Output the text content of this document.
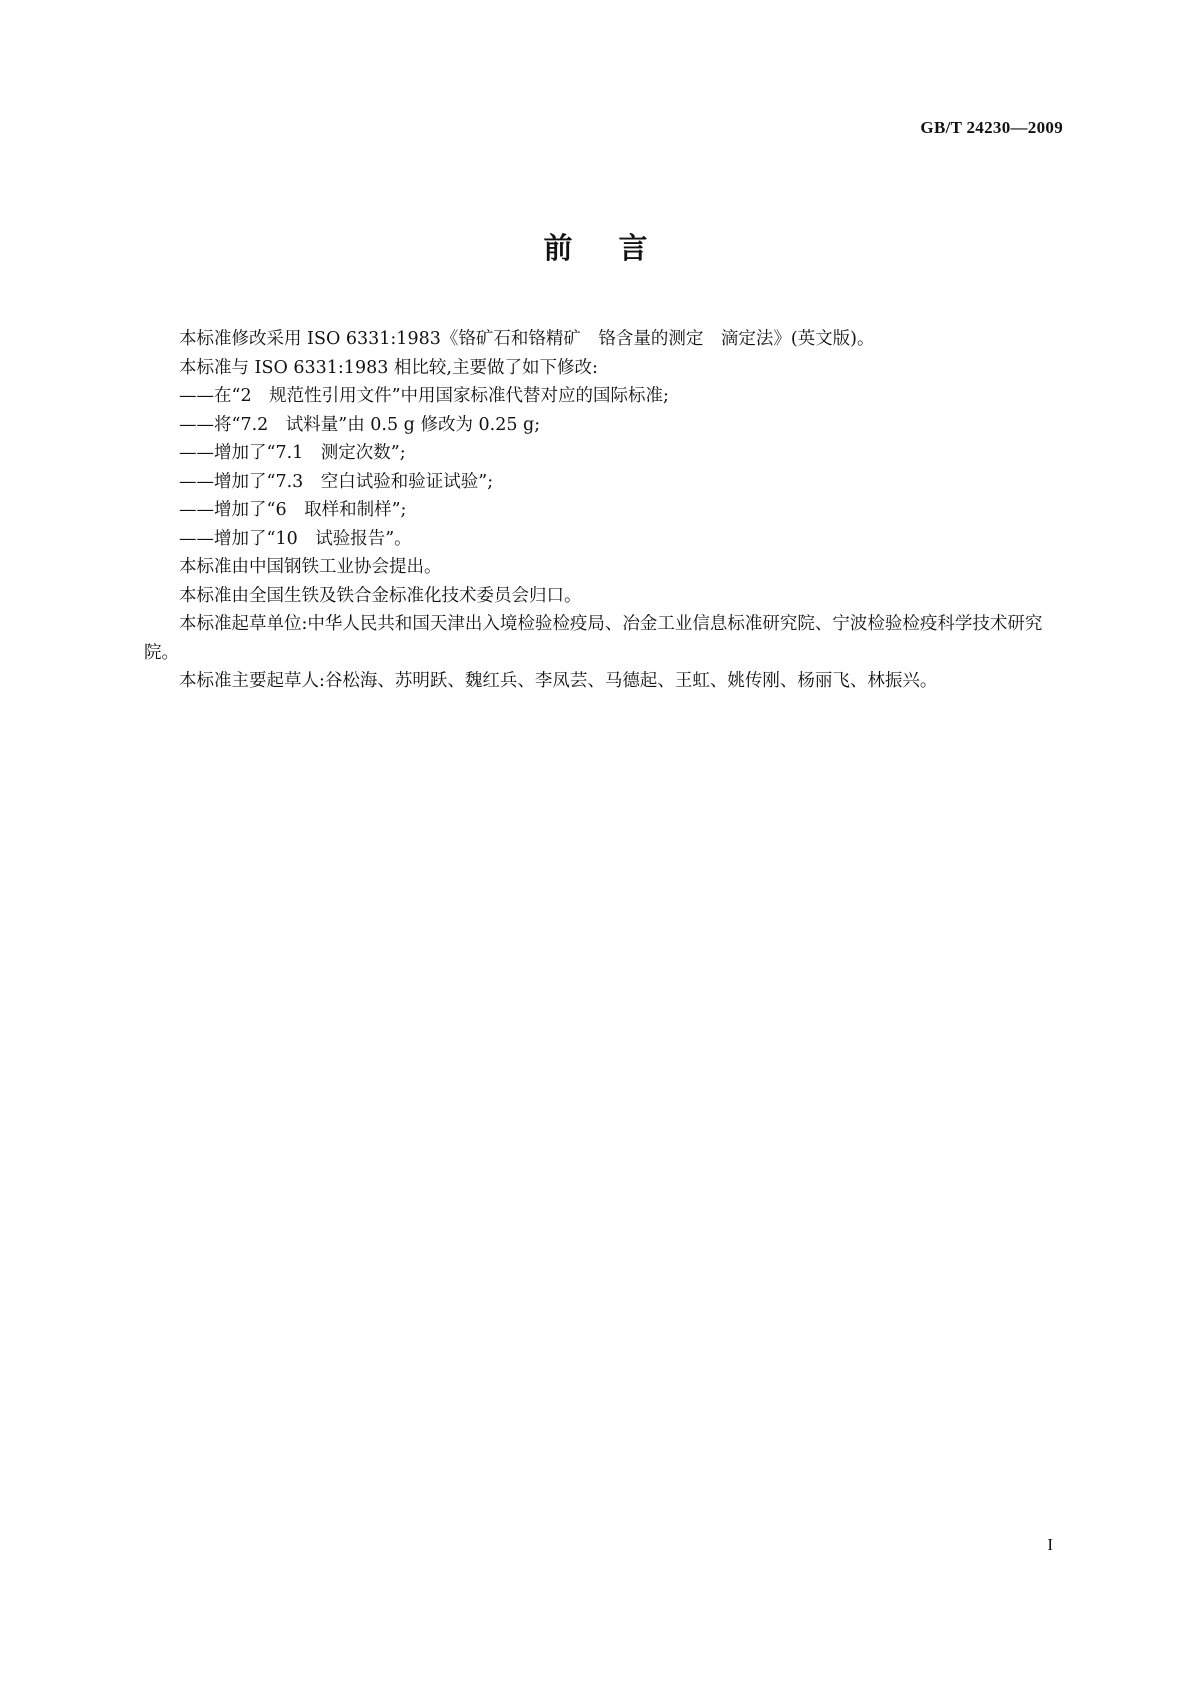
GB/T 24230—2009
前言

本标准修改采用 ISO 6331:1983《铬矿石和铬精矿　铬含量的测定　滴定法》(英文版)。

本标准与 ISO 6331:1983 相比较,主要做了如下修改:

——在“2　规范性引用文件”中用国家标准代替对应的国际标准;

——将“7.2　试料量”由 0.5 g 修改为 0.25 g;

——增加了“7.1　测定次数”;

——增加了“7.3　空白试验和验证试验”;

——增加了“6　取样和制样”;

——增加了“10　试验报告”。

本标准由中国钢铁工业协会提出。

本标准由全国生铁及铁合金标准化技术委员会归口。

本标准起草单位:中华人民共和国天津出入境检验检疫局、冶金工业信息标准研究院、宁波检验检疫科学技术研究院。

本标准主要起草人:谷松海、苏明跃、魏红兵、李凤芸、马德起、王虹、姚传刚、杨丽飞、林振兴。

I
